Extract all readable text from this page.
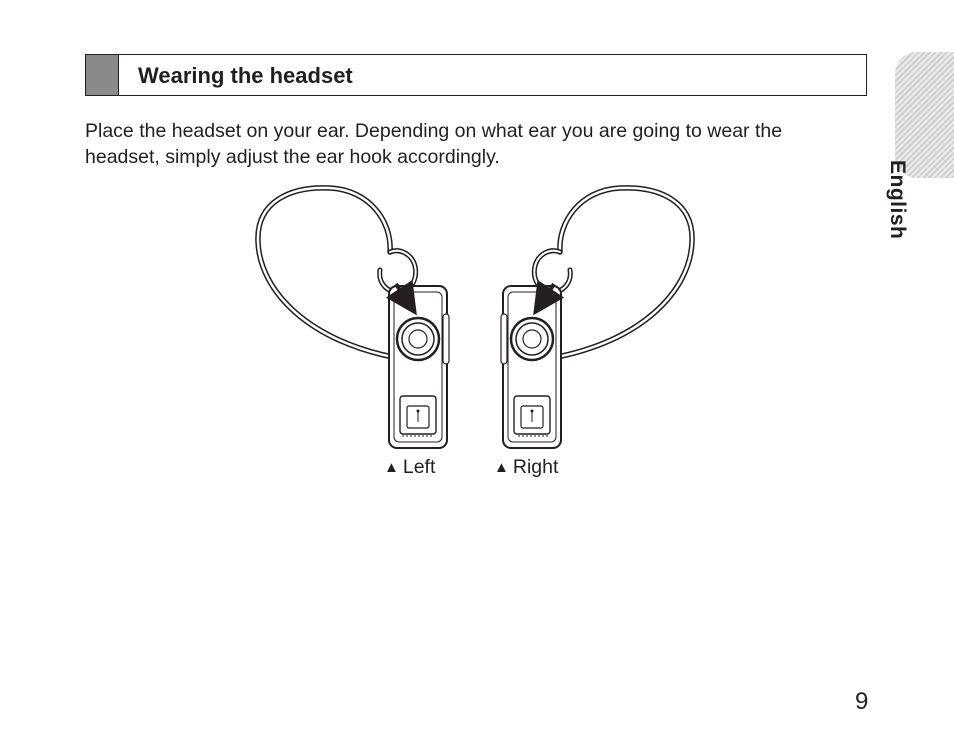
Wearing the headset
English
Place the headset on your ear. Depending on what ear you are going to wear the
headset, simply adjust the ear hook accordingly.
▲ Left	▲ Right
9
